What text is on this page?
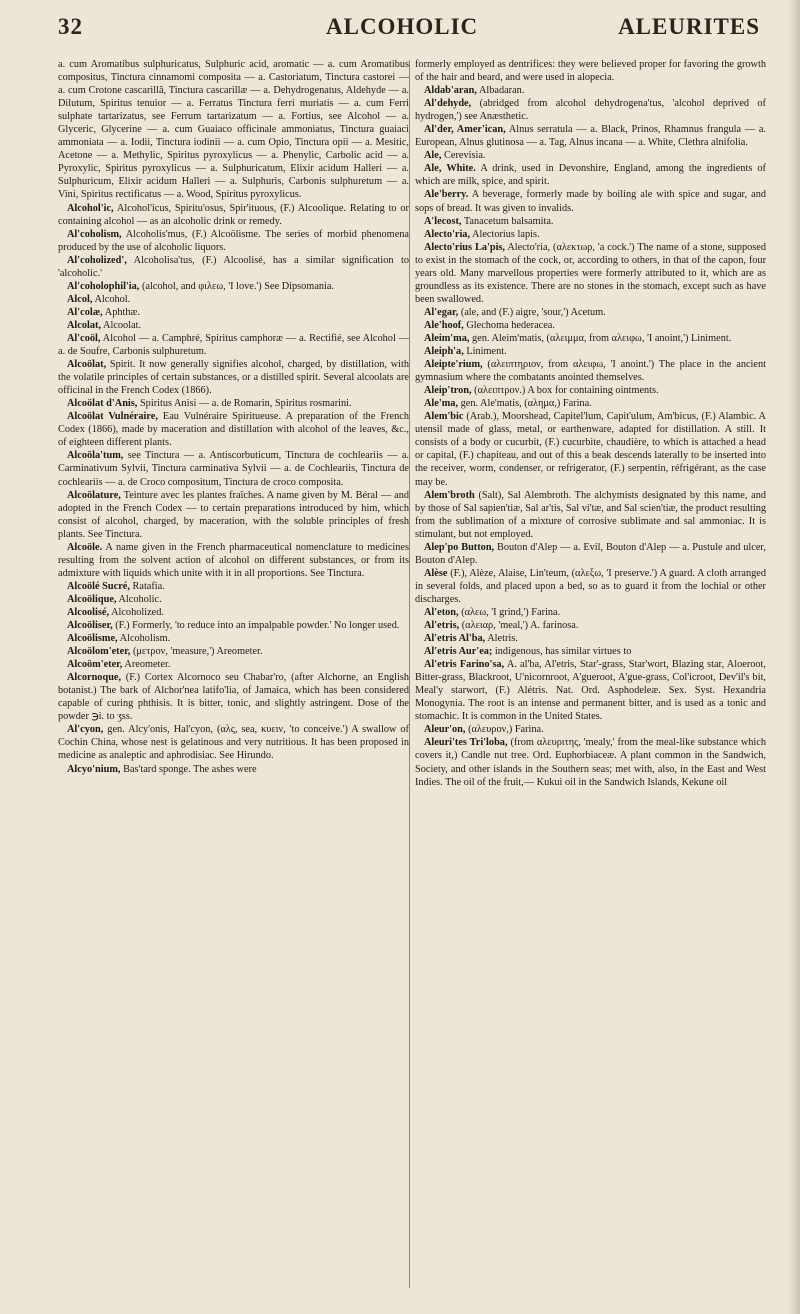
32	ALCOHOLIC	ALEURITES

a. cum Aromatibus sulphuricatus, Sulphuric acid, aromatic — a. cum Aromatibus compositus, Tinctura cinnamomi composita — a. Castoriatum, Tinctura castorei — a. cum Crotone cascarillâ, Tinctura cascarillæ — a. Dehydrogenatus, Aldehyde — a. Dilutum, Spiritus tenuior — a. Ferratus Tinctura ferri muriatis — a. cum Ferri sulphate tartarizatus, see Ferrum tartarizatum — a. Fortius, see Alcohol — a. Glyceric, Glycerine — a. cum Guaiaco officinale ammoniatus, Tinctura guaiaci ammoniata — a. Iodii, Tinctura iodinii — a. cum Opio, Tinctura opii — a. Mesitic, Acetone — a. Methylic, Spiritus pyroxylicus — a. Phenylic, Carbolic acid — a. Pyroxylic, Spiritus pyroxylicus — a. Sulphuricatum, Elixir acidum Halleri — a. Sulphuricum, Elixir acidum Halleri — a. Sulphuris, Carbonis sulphuretum — a. Vini, Spiritus rectificatus — a. Wood, Spiritus pyroxylicus.

Alcohol'ic, Alcohol'icus, Spiritu'osus, Spir'ituous, (F.) Alcoolique. Relating to or containing alcohol — as an alcoholic drink or remedy.

Al'coholism, Alcoholis'mus, (F.) Alcoölisme. The series of morbid phenomena produced by the use of alcoholic liquors.

Al'coholized', Alcoholisa'tus, (F.) Alcoolisé, has a similar signification to 'alcoholic.'

Al'coholophil'ia, (alcohol, and φιλεω, 'I love.') See Dipsomania.

Alcol, Alcohol.

Al'colæ, Aphthæ.

Alcolat, Alcoolat.

Al'coöl, Alcohol — a. Camphré, Spiritus camphoræ — a. Rectifié, see Alcohol — a. de Soufre, Carbonis sulphuretum.

Alcoölat, Spirit. It now generally signifies alcohol, charged, by distillation, with the volatile principles of certain substances, or a distilled spirit. Several alcoolats are officinal in the French Codex (1866).

Alcoölat d'Anis, Spiritus Anisi — a. de Romarin, Spiritus rosmarini.

Alcoölat Vulnéraire, Eau Vulnéraire Spiritueuse. A preparation of the French Codex (1866), made by maceration and distillation with alcohol of the leaves, &c., of eighteen different plants.

Alcoöla'tum, see Tinctura — a. Antiscorbuticum, Tinctura de cochleariis — a. Carminativum Sylvii, Tinctura carminativa Sylvii — a. de Cochleariis, Tinctura de cochleariis — a. de Croco compositum, Tinctura de croco composita.

Alcoölature, Teinture avec les plantes fraîches. A name given by M. Béral — and adopted in the French Codex — to certain preparations introduced by him, which consist of alcohol, charged, by maceration, with the soluble principles of fresh plants. See Tinctura.

Alcoöle. A name given in the French pharmaceutical nomenclature to medicines resulting from the solvent action of alcohol on different substances, or from its admixture with liquids which unite with it in all proportions. See Tinctura.

Alcoölé Sucré, Ratafia.

Alcoölique, Alcoholic.

Alcoolisé, Alcoholized.

Alcoöliser, (F.) Formerly, 'to reduce into an impalpable powder.' No longer used.

Alcoölisme, Alcoholism.

Alcoölom'eter, (μετρον, 'measure,') Areometer.

Alcoöm'eter, Areometer.

Alcornoque, (F.) Cortex Alcornoco seu Chabar'ro, (after Alchorne, an English botanist.) The bark of Alchor'nea latifo'lia, of Jamaica, which has been considered capable of curing phthisis. It is bitter, tonic, and slightly astringent. Dose of the powder ℈i. to ʒss.

Al'cyon, gen. Alcy'onis, Hal'cyon, (αλς, sea, κυειν, 'to conceive.') A swallow of Cochin China, whose nest is gelatinous and very nutritious. It has been proposed in medicine as analeptic and aphrodisiac. See Hirundo.

Alcyo'nium, Bas'tard sponge. The ashes were

formerly employed as dentrifices: they were believed proper for favoring the growth of the hair and beard, and were used in alopecia.

Aldab'aran, Albadaran.

Al'dehyde, (abridged from alcohol dehydrogena'tus, 'alcohol deprived of hydrogen,') see Anæsthetic.

Al'der, Amer'ican, Alnus serratula — a. Black, Prinos, Rhamnus frangula — a. European, Alnus glutinosa — a. Tag, Alnus incana — a. White, Clethra alnifolia.

Ale, Cerevisia.

Ale, White. A drink, used in Devonshire, England, among the ingredients of which are milk, spice, and spirit.

Ale'berry. A beverage, formerly made by boiling ale with spice and sugar, and sops of bread. It was given to invalids.

A'lecost, Tanacetum balsamita.

Alecto'ria, Alectorius lapis.

Alecto'rius La'pis, Alecto'ria, (αλεκτωρ, 'a cock.') The name of a stone, supposed to exist in the stomach of the cock, or, according to others, in that of the capon, four years old. Many marvellous properties were formerly attributed to it, which are as groundless as its existence. There are no stones in the stomach, except such as have been swallowed.

Al'egar, (ale, and (F.) aigre, 'sour,') Acetum.

Ale'hoof, Glechoma hederacea.

Aleim'ma, gen. Aleim'matis, (αλειμμα, from αλειφω, 'I anoint,') Liniment.

Aleiph'a, Liniment.

Aleipte'rium, (αλειπτηριον, from αλειφω, 'I anoint.') The place in the ancient gymnasium where the combatants anointed themselves.

Aleip'tron, (αλειπτρον.) A box for containing ointments.

Ale'ma, gen. Ale'matis, (αλημα,) Farina.

Alem'bic (Arab.), Moorshead, Capitel'lum, Capit'ulum, Am'bicus, (F.) Alambic. A utensil made of glass, metal, or earthenware, adapted for distillation. A still. It consists of a body or cucurbit, (F.) cucurbite, chaudière, to which is attached a head or capital, (F.) chapiteau, and out of this a beak descends laterally to be inserted into the receiver, worm, condenser, or refrigerator, (F.) serpentin, réfrigérant, as the case may be.

Alem'broth (Salt), Sal Alembroth. The alchymists designated by this name, and by those of Sal sapien'tiæ, Sal ar'tis, Sal vi'tæ, and Sal scien'tiæ, the product resulting from the sublimation of a mixture of corrosive sublimate and sal ammoniac. It is stimulant, but not employed.

Alep'po Button, Bouton d'Alep — a. Evil, Bouton d'Alep — a. Pustule and ulcer, Bouton d'Alep.

Alèse (F.), Alèze, Alaise, Lin'teum, (αλεξω, 'I preserve.') A guard. A cloth arranged in several folds, and placed upon a bed, so as to guard it from the lochial or other discharges.

Al'eton, (αλεω, 'I grind,') Farina.

Al'etris, (αλειαρ, 'meal,') A. farinosa.

Al'etris Al'ba, Aletris.

Al'etris Aur'ea; indigenous, has similar virtues to

Al'etris Farino'sa, A. al'ba, Al'etris, Star'-grass, Star'wort, Blazing star, Aloeroot, Bitter-grass, Blackroot, U'nicornroot, A'gueroot, A'gue-grass, Col'icroot, Dev'il's bit, Meal'y starwort, (F.) Alétris. Nat. Ord. Asphodeleæ. Sex. Syst. Hexandria Monogynia. The root is an intense and permanent bitter, and is used as a tonic and stomachic. It is common in the United States.

Aleur'on, (αλευρον,) Farina.

Aleuri'tes Tri'loba, (from αλευριτης, 'mealy,' from the meal-like substance which covers it,) Candle nut tree. Ord. Euphorbiaceæ. A plant common in the Sandwich, Society, and other islands in the Southern seas; met with, also, in the East and West Indies. The oil of the fruit,— Kukui oil in the Sandwich Islands, Kekune oil
